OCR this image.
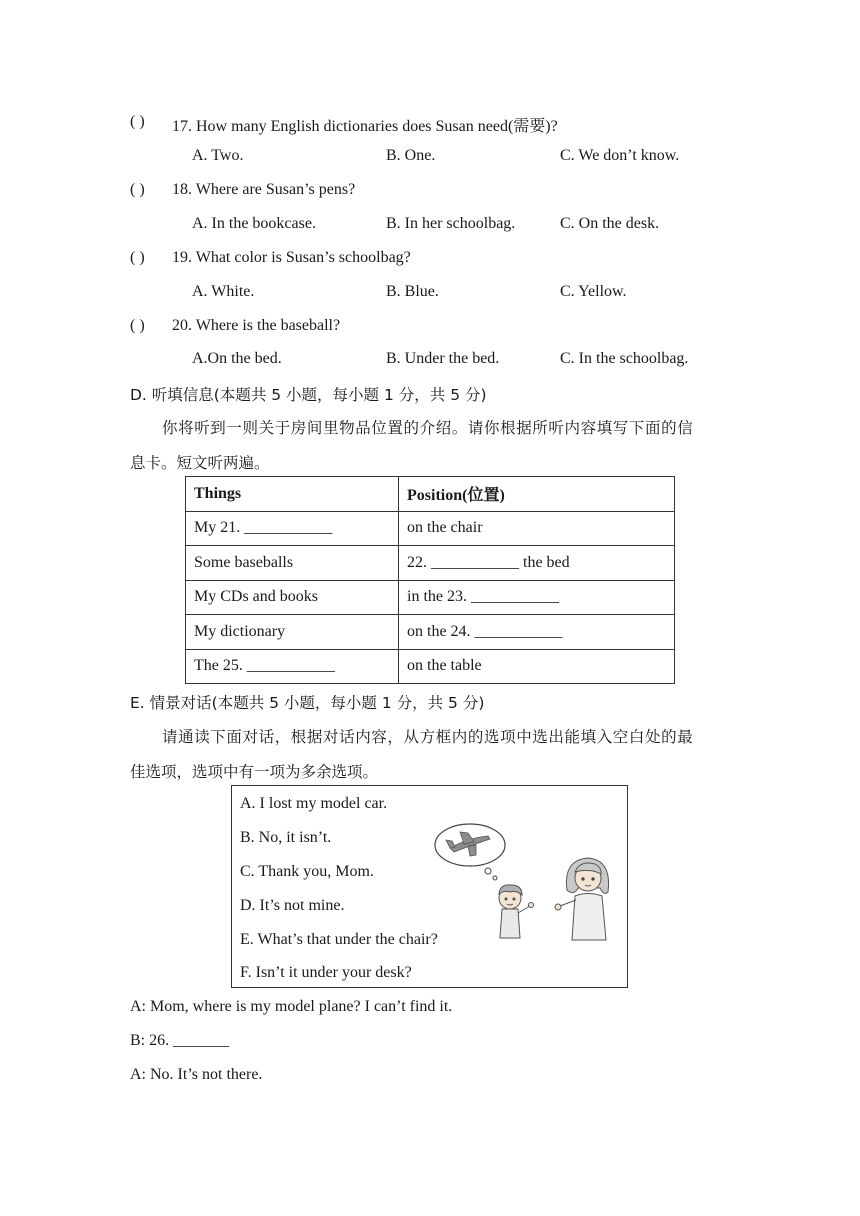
( ) 17. How many English dictionaries does Susan need(需要)?
A. Two.	B. One.	C. We don’t know.
( ) 18. Where are Susan’s pens?
A. In the bookcase.	B. In her schoolbag.	C. On the desk.
( ) 19. What color is Susan’s schoolbag?
A. White.	B. Blue.	C. Yellow.
( ) 20. Where is the baseball?
A.On the bed.	B. Under the bed.	C. In the schoolbag.
D. 听填信息(本题共 5 小题，每小题 1 分，共 5 分)
你将听到一则关于房间里物品位置的介绍。请你根据所听内容填写下面的信
息卡。短文听两遍。
Things	Position(位置)
My 21. ___________	on the chair
Some baseballs	22. ___________ the bed
My CDs and books	in the 23. ___________
My dictionary	on the 24. ___________
The 25. ___________	on the table
E. 情景对话(本题共 5 小题，每小题 1 分，共 5 分)
请通读下面对话，根据对话内容，从方框内的选项中选出能填入空白处的最
佳选项，选项中有一项为多余选项。
A. I lost my model car.
B. No, it isn’t.
C. Thank you, Mom.
D. It’s not mine.
E. What’s that under the chair?
F. Isn’t it under your desk?
A: Mom, where is my model plane? I can’t find it.
B: 26. _______
A: No. It’s not there.
